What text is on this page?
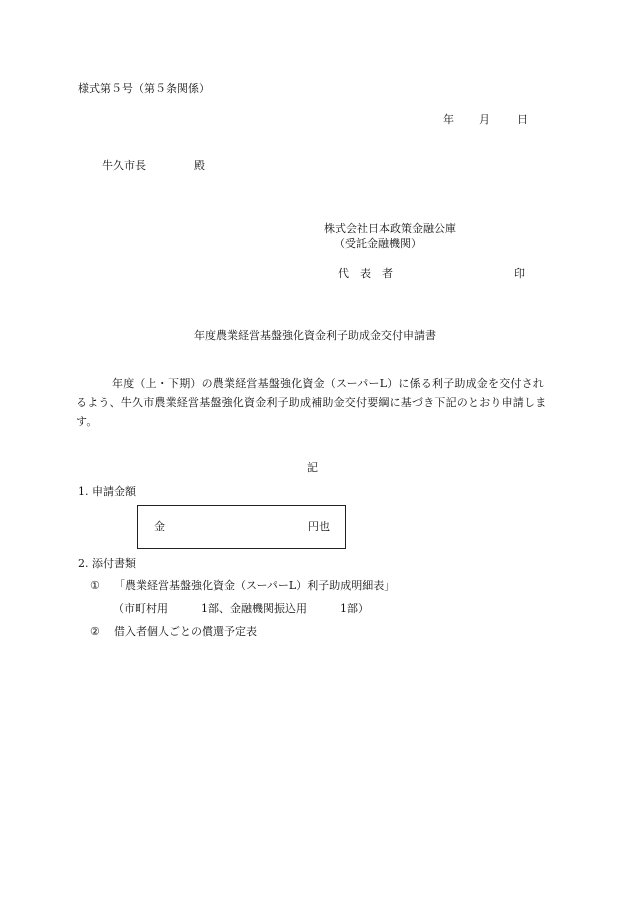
様式第５号（第５条関係）
年 月 日
牛久市長	殿
株式会社日本政策金融公庫
（受託金融機関）
代　表　者	印
年度農業経営基盤強化資金利子助成金交付申請書
年度（上・下期）の農業経営基盤強化資金（スーパーL）に係る利子助成金を交付されるよう、牛久市農業経営基盤強化資金利子助成補助金交付要綱に基づき下記のとおり申請します。
記
1. 申請金額
金	円也
2. 添付書類
① 「農業経営基盤強化資金（スーパーL）利子助成明細表」
（市町村用　　　1部、金融機関振込用　　　1部）
② 借入者個人ごとの償還予定表
